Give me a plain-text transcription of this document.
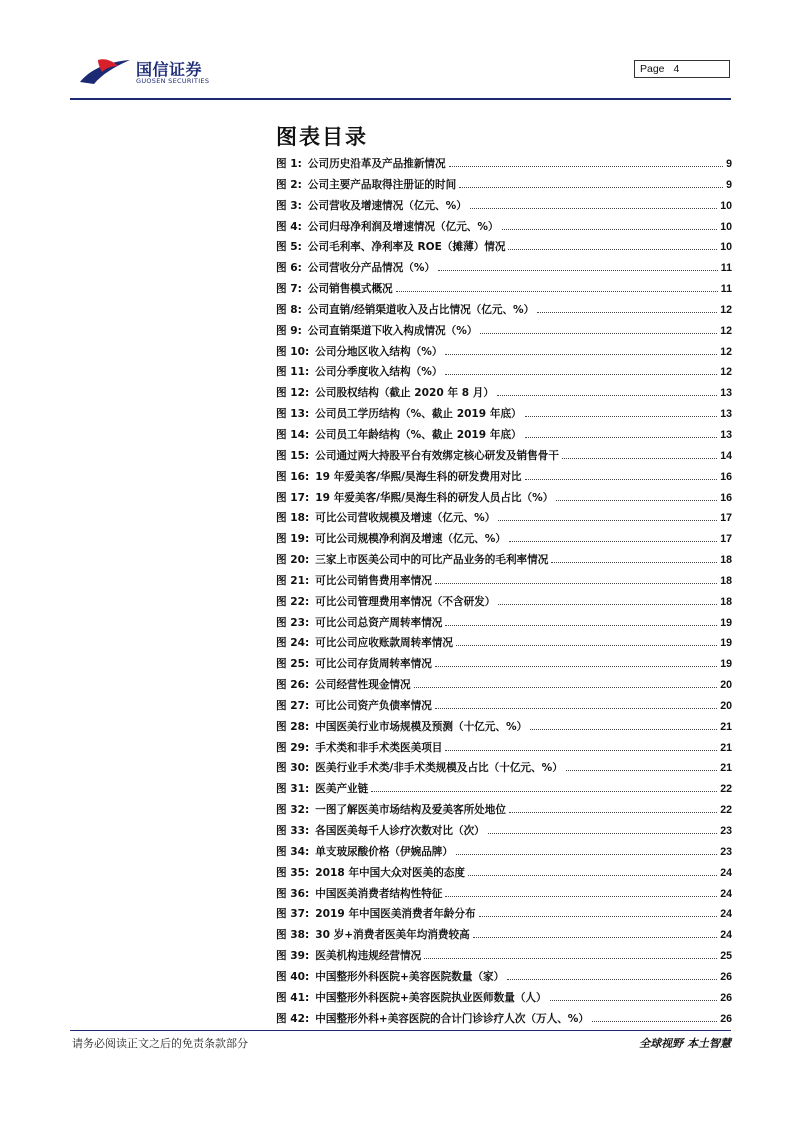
国信证券
GUOSEN SECURITIES
Page 4
图表目录
图 1: 公司历史沿革及产品推新情况	9
图 2: 公司主要产品取得注册证的时间	9
图 3: 公司营收及增速情况（亿元、%）	10
图 4: 公司归母净利润及增速情况（亿元、%）	10
图 5: 公司毛利率、净利率及 ROE（摊薄）情况	10
图 6: 公司营收分产品情况（%）	11
图 7: 公司销售模式概况	11
图 8: 公司直销/经销渠道收入及占比情况（亿元、%）	12
图 9: 公司直销渠道下收入构成情况（%）	12
图 10: 公司分地区收入结构（%）	12
图 11: 公司分季度收入结构（%）	12
图 12: 公司股权结构（截止 2020 年 8 月）	13
图 13: 公司员工学历结构（%、截止 2019 年底）	13
图 14: 公司员工年龄结构（%、截止 2019 年底）	13
图 15: 公司通过两大持股平台有效绑定核心研发及销售骨干	14
图 16: 19 年爱美客/华熙/昊海生科的研发费用对比	16
图 17: 19 年爱美客/华熙/昊海生科的研发人员占比（%）	16
图 18: 可比公司营收规模及增速（亿元、%）	17
图 19: 可比公司规模净利润及增速（亿元、%）	17
图 20: 三家上市医美公司中的可比产品业务的毛利率情况	18
图 21: 可比公司销售费用率情况	18
图 22: 可比公司管理费用率情况（不含研发）	18
图 23: 可比公司总资产周转率情况	19
图 24: 可比公司应收账款周转率情况	19
图 25: 可比公司存货周转率情况	19
图 26: 公司经营性现金情况	20
图 27: 可比公司资产负债率情况	20
图 28: 中国医美行业市场规模及预测（十亿元、%）	21
图 29: 手术类和非手术类医美项目	21
图 30: 医美行业手术类/非手术类规模及占比（十亿元、%）	21
图 31: 医美产业链	22
图 32: 一图了解医美市场结构及爱美客所处地位	22
图 33: 各国医美每千人诊疗次数对比（次）	23
图 34: 单支玻尿酸价格（伊婉品牌）	23
图 35: 2018 年中国大众对医美的态度	24
图 36: 中国医美消费者结构性特征	24
图 37: 2019 年中国医美消费者年龄分布	24
图 38: 30 岁+消费者医美年均消费较高	24
图 39: 医美机构违规经营情况	25
图 40: 中国整形外科医院+美容医院数量（家）	26
图 41: 中国整形外科医院+美容医院执业医师数量（人）	26
图 42: 中国整形外科+美容医院的合计门诊诊疗人次（万人、%）	26
请务必阅读正文之后的免责条款部分	全球视野 本土智慧
